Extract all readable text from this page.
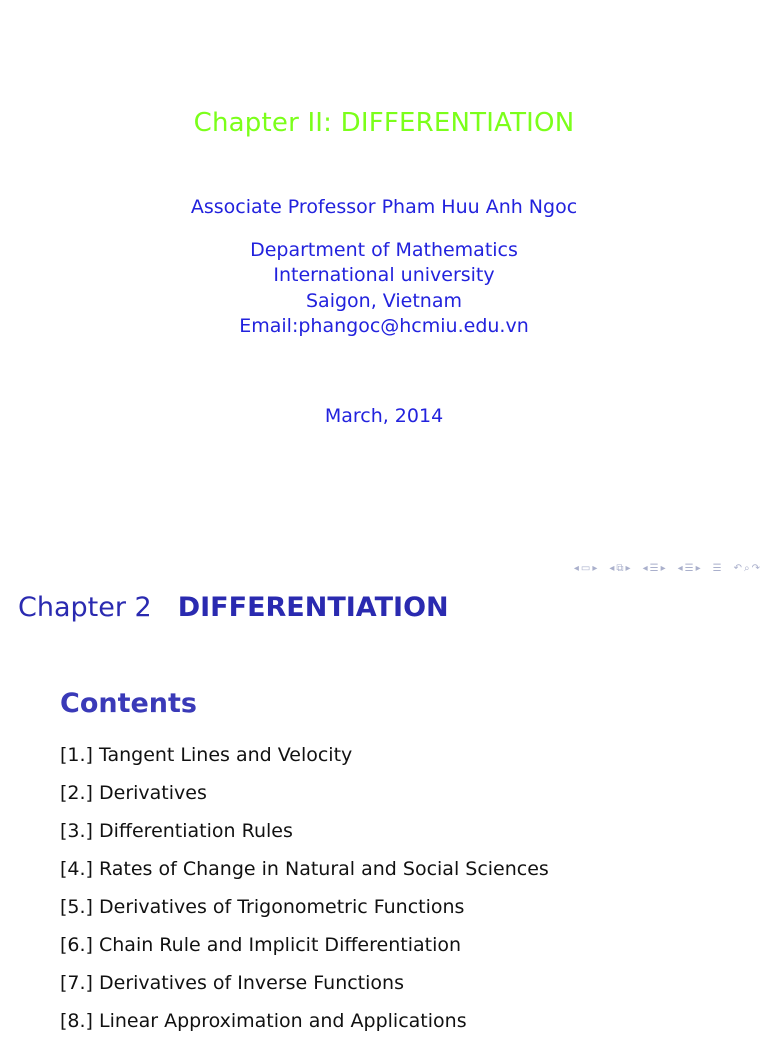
Chapter II: DIFFERENTIATION
Associate Professor Pham Huu Anh Ngoc
Department of Mathematics
International university
Saigon, Vietnam
Email:phangoc@hcmiu.edu.vn
March, 2014
◂ ▭ ▸ ◂ ⧉ ▸ ◂ ☰ ▸ ◂ ☰ ▸ ☰ ↶ ⌕ ↷
Chapter 2 DIFFERENTIATION
Contents
[1.] Tangent Lines and Velocity
[2.] Derivatives
[3.] Differentiation Rules
[4.] Rates of Change in Natural and Social Sciences
[5.] Derivatives of Trigonometric Functions
[6.] Chain Rule and Implicit Differentiation
[7.] Derivatives of Inverse Functions
[8.] Linear Approximation and Applications
